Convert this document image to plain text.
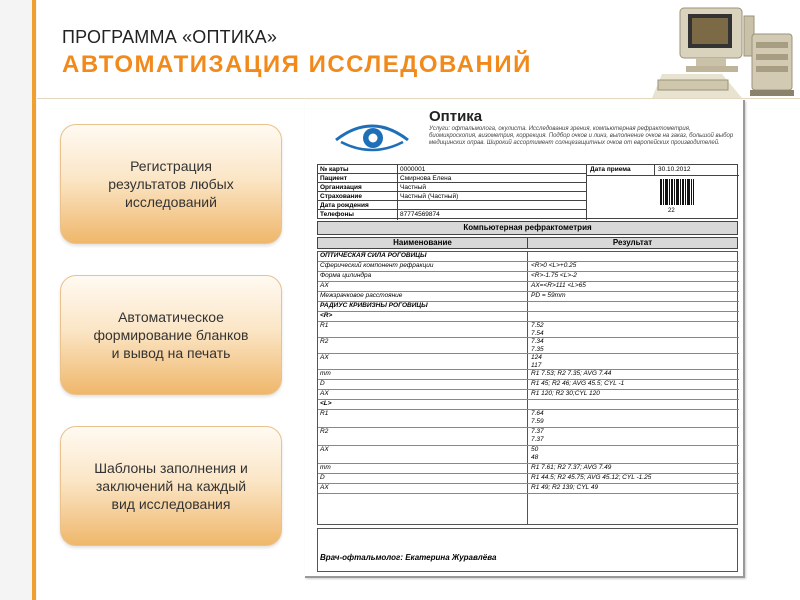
ПРОГРАММА «ОПТИКА»
АВТОМАТИЗАЦИЯ ИССЛЕДОВАНИЙ
Регистрация
результатов любых
исследований
Автоматическое
формирование бланков
и вывод на печать
Шаблоны заполнения и
заключений на каждый
вид исследования
Оптика
Услуги: офтальмолога, окулиста. Исследования зрения, компьютерная рефрактометрия, биомикроскопия, визометрия, коррекция. Подбор очков и линз, выполнение очков на заказ, большой выбор медицинских оправ. Широкий ассортимент солнцезащитных очков от европейских производителей.
№ карты	0000001
Пациент	Смирнова Елена
Организация	Частный
Страхование	Частный (Частный)
Дата рождения
Телефоны	87774569874
Дата приема	30.10.2012
22
Компьютерная рефрактометрия
Наименование	Результат
ОПТИЧЕСКАЯ СИЛА РОГОВИЦЫ
Сферический компонент рефракции	<R>0 <L>+0.25
Форма цилиндра	<R>-1.75 <L>-2
AX	AX=<R>111 <L>65
Межзрачковое расстояние	PD = 59mm
РАДИУС КРИВИЗНЫ РОГОВИЦЫ
<R>
R1	7.52
7.54
R2	7.34
7.35
AX	124
117
mm	R1 7.53; R2 7.35; AVG 7.44
D	R1 45; R2 46; AVG 45.5; CYL -1
AX	R1 120; R2 30;CYL 120
<L>
R1	7.64
7.59
R2	7.37
7.37
AX	50
48
mm	R1 7.61; R2 7.37; AVG 7.49
D	R1 44.5; R2 45.75; AVG 45.12; CYL -1.25
AX	R1 49; R2 139; CYL 49
Врач-офтальмолог: Екатерина Журавлёва
